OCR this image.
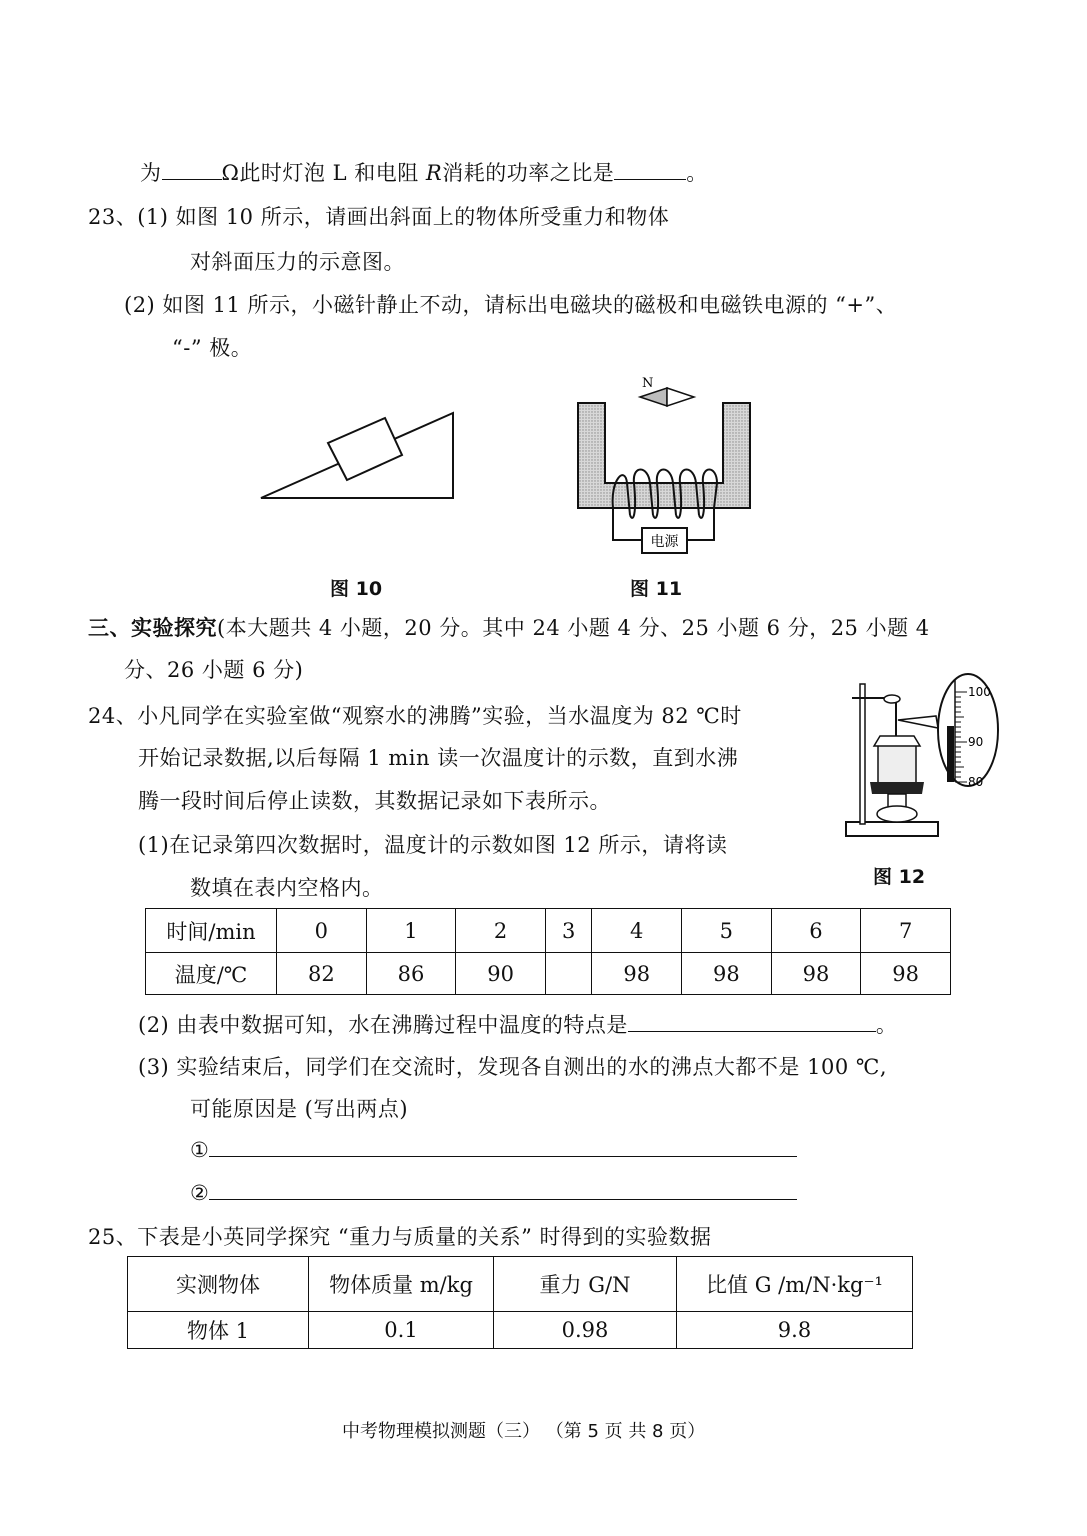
为	Ω此时灯泡 L 和电阻 R消耗的功率之比是	。
23、(1) 如图 10 所示，请画出斜面上的物体所受重力和物体
对斜面压力的示意图。
(2) 如图 11 所示，小磁针静止不动，请标出电磁块的磁极和电磁铁电源的 “+”、
“-” 极。
图 10
电源
N
图 11
三、实验探究(本大题共 4 小题，20 分。其中 24 小题 4 分、25 小题 6 分，25 小题 4
分、26 小题 6 分)
24、小凡同学在实验室做“观察水的沸腾”实验，当水温度为 82 ℃时
开始记录数据,以后每隔 1 min 读一次温度计的示数，直到水沸
腾一段时间后停止读数，其数据记录如下表所示。
(1)在记录第四次数据时，温度计的示数如图 12 所示，请将读
数填在表内空格内。
100
90
80
图 12
时间/min	0	1	2	3	4	5	6	7
温度/℃	82	86	90		98	98	98	98
(2) 由表中数据可知，水在沸腾过程中温度的特点是	。
(3) 实验结束后，同学们在交流时，发现各自测出的水的沸点大都不是 100 ℃,
可能原因是 (写出两点)
①
②
25、下表是小英同学探究 “重力与质量的关系” 时得到的实验数据
实测物体	物体质量 m/kg	重力 G/N	比值 G /m/N·kg⁻¹
物体 1	0.1	0.98	9.8
中考物理模拟测题（三） （第 5 页 共 8 页）
